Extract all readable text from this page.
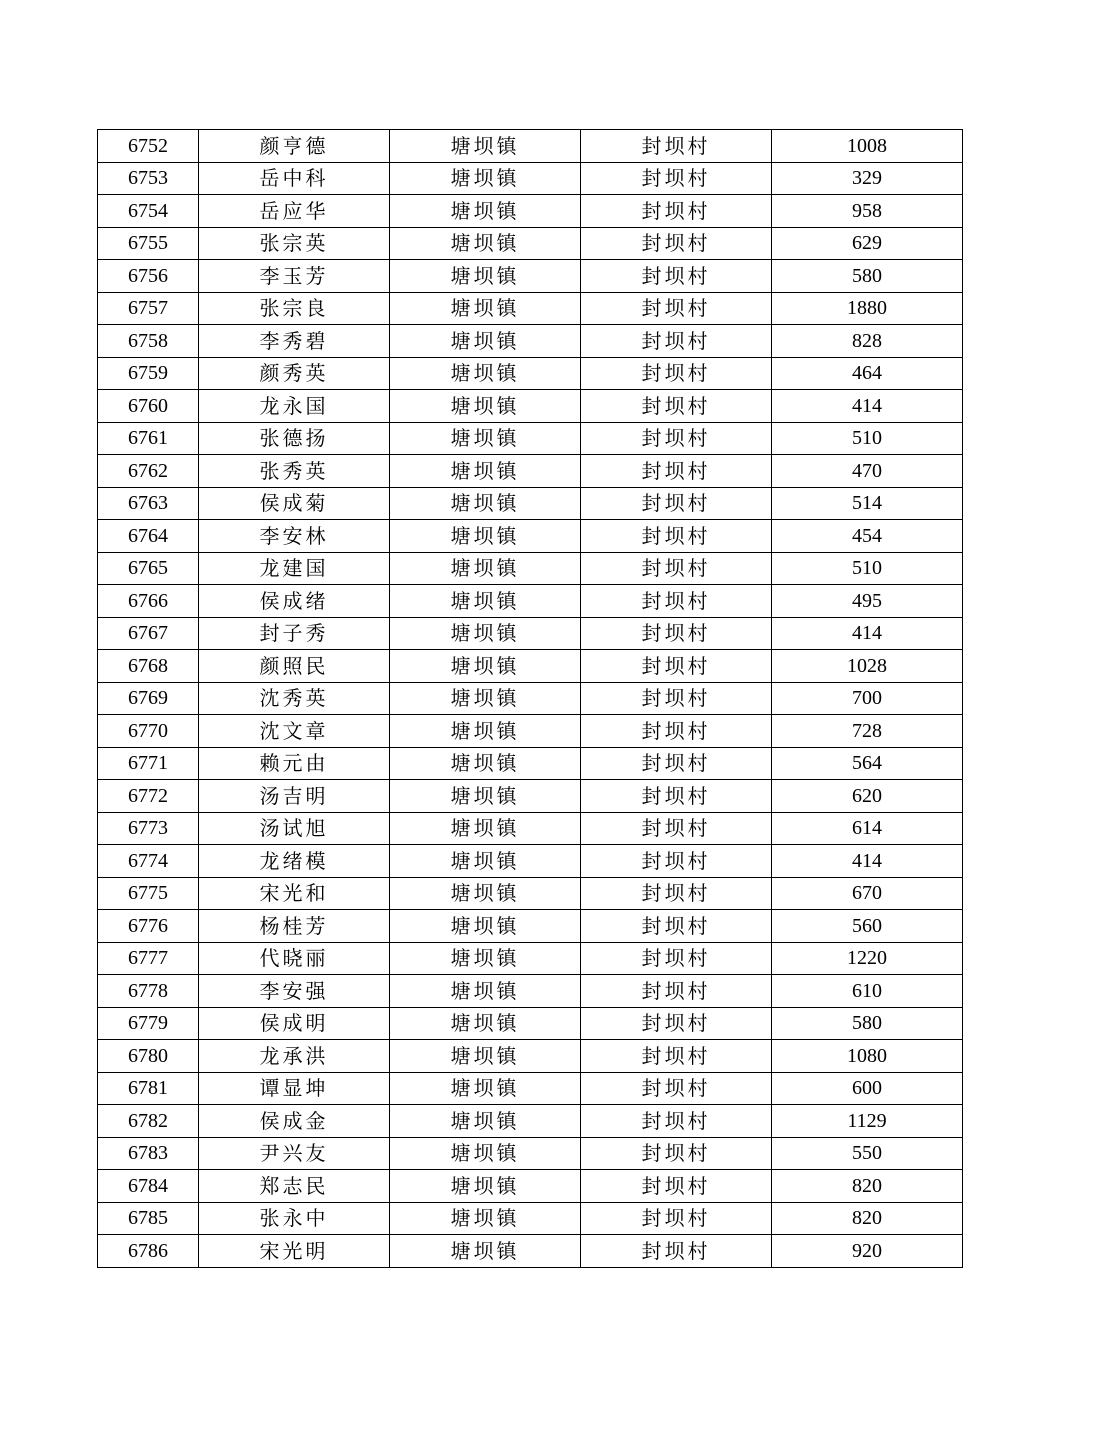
6752	颜亨德	塘坝镇	封坝村	1008
6753	岳中科	塘坝镇	封坝村	329
6754	岳应华	塘坝镇	封坝村	958
6755	张宗英	塘坝镇	封坝村	629
6756	李玉芳	塘坝镇	封坝村	580
6757	张宗良	塘坝镇	封坝村	1880
6758	李秀碧	塘坝镇	封坝村	828
6759	颜秀英	塘坝镇	封坝村	464
6760	龙永国	塘坝镇	封坝村	414
6761	张德扬	塘坝镇	封坝村	510
6762	张秀英	塘坝镇	封坝村	470
6763	侯成菊	塘坝镇	封坝村	514
6764	李安林	塘坝镇	封坝村	454
6765	龙建国	塘坝镇	封坝村	510
6766	侯成绪	塘坝镇	封坝村	495
6767	封子秀	塘坝镇	封坝村	414
6768	颜照民	塘坝镇	封坝村	1028
6769	沈秀英	塘坝镇	封坝村	700
6770	沈文章	塘坝镇	封坝村	728
6771	赖元由	塘坝镇	封坝村	564
6772	汤吉明	塘坝镇	封坝村	620
6773	汤试旭	塘坝镇	封坝村	614
6774	龙绪模	塘坝镇	封坝村	414
6775	宋光和	塘坝镇	封坝村	670
6776	杨桂芳	塘坝镇	封坝村	560
6777	代晓丽	塘坝镇	封坝村	1220
6778	李安强	塘坝镇	封坝村	610
6779	侯成明	塘坝镇	封坝村	580
6780	龙承洪	塘坝镇	封坝村	1080
6781	谭显坤	塘坝镇	封坝村	600
6782	侯成金	塘坝镇	封坝村	1129
6783	尹兴友	塘坝镇	封坝村	550
6784	郑志民	塘坝镇	封坝村	820
6785	张永中	塘坝镇	封坝村	820
6786	宋光明	塘坝镇	封坝村	920
